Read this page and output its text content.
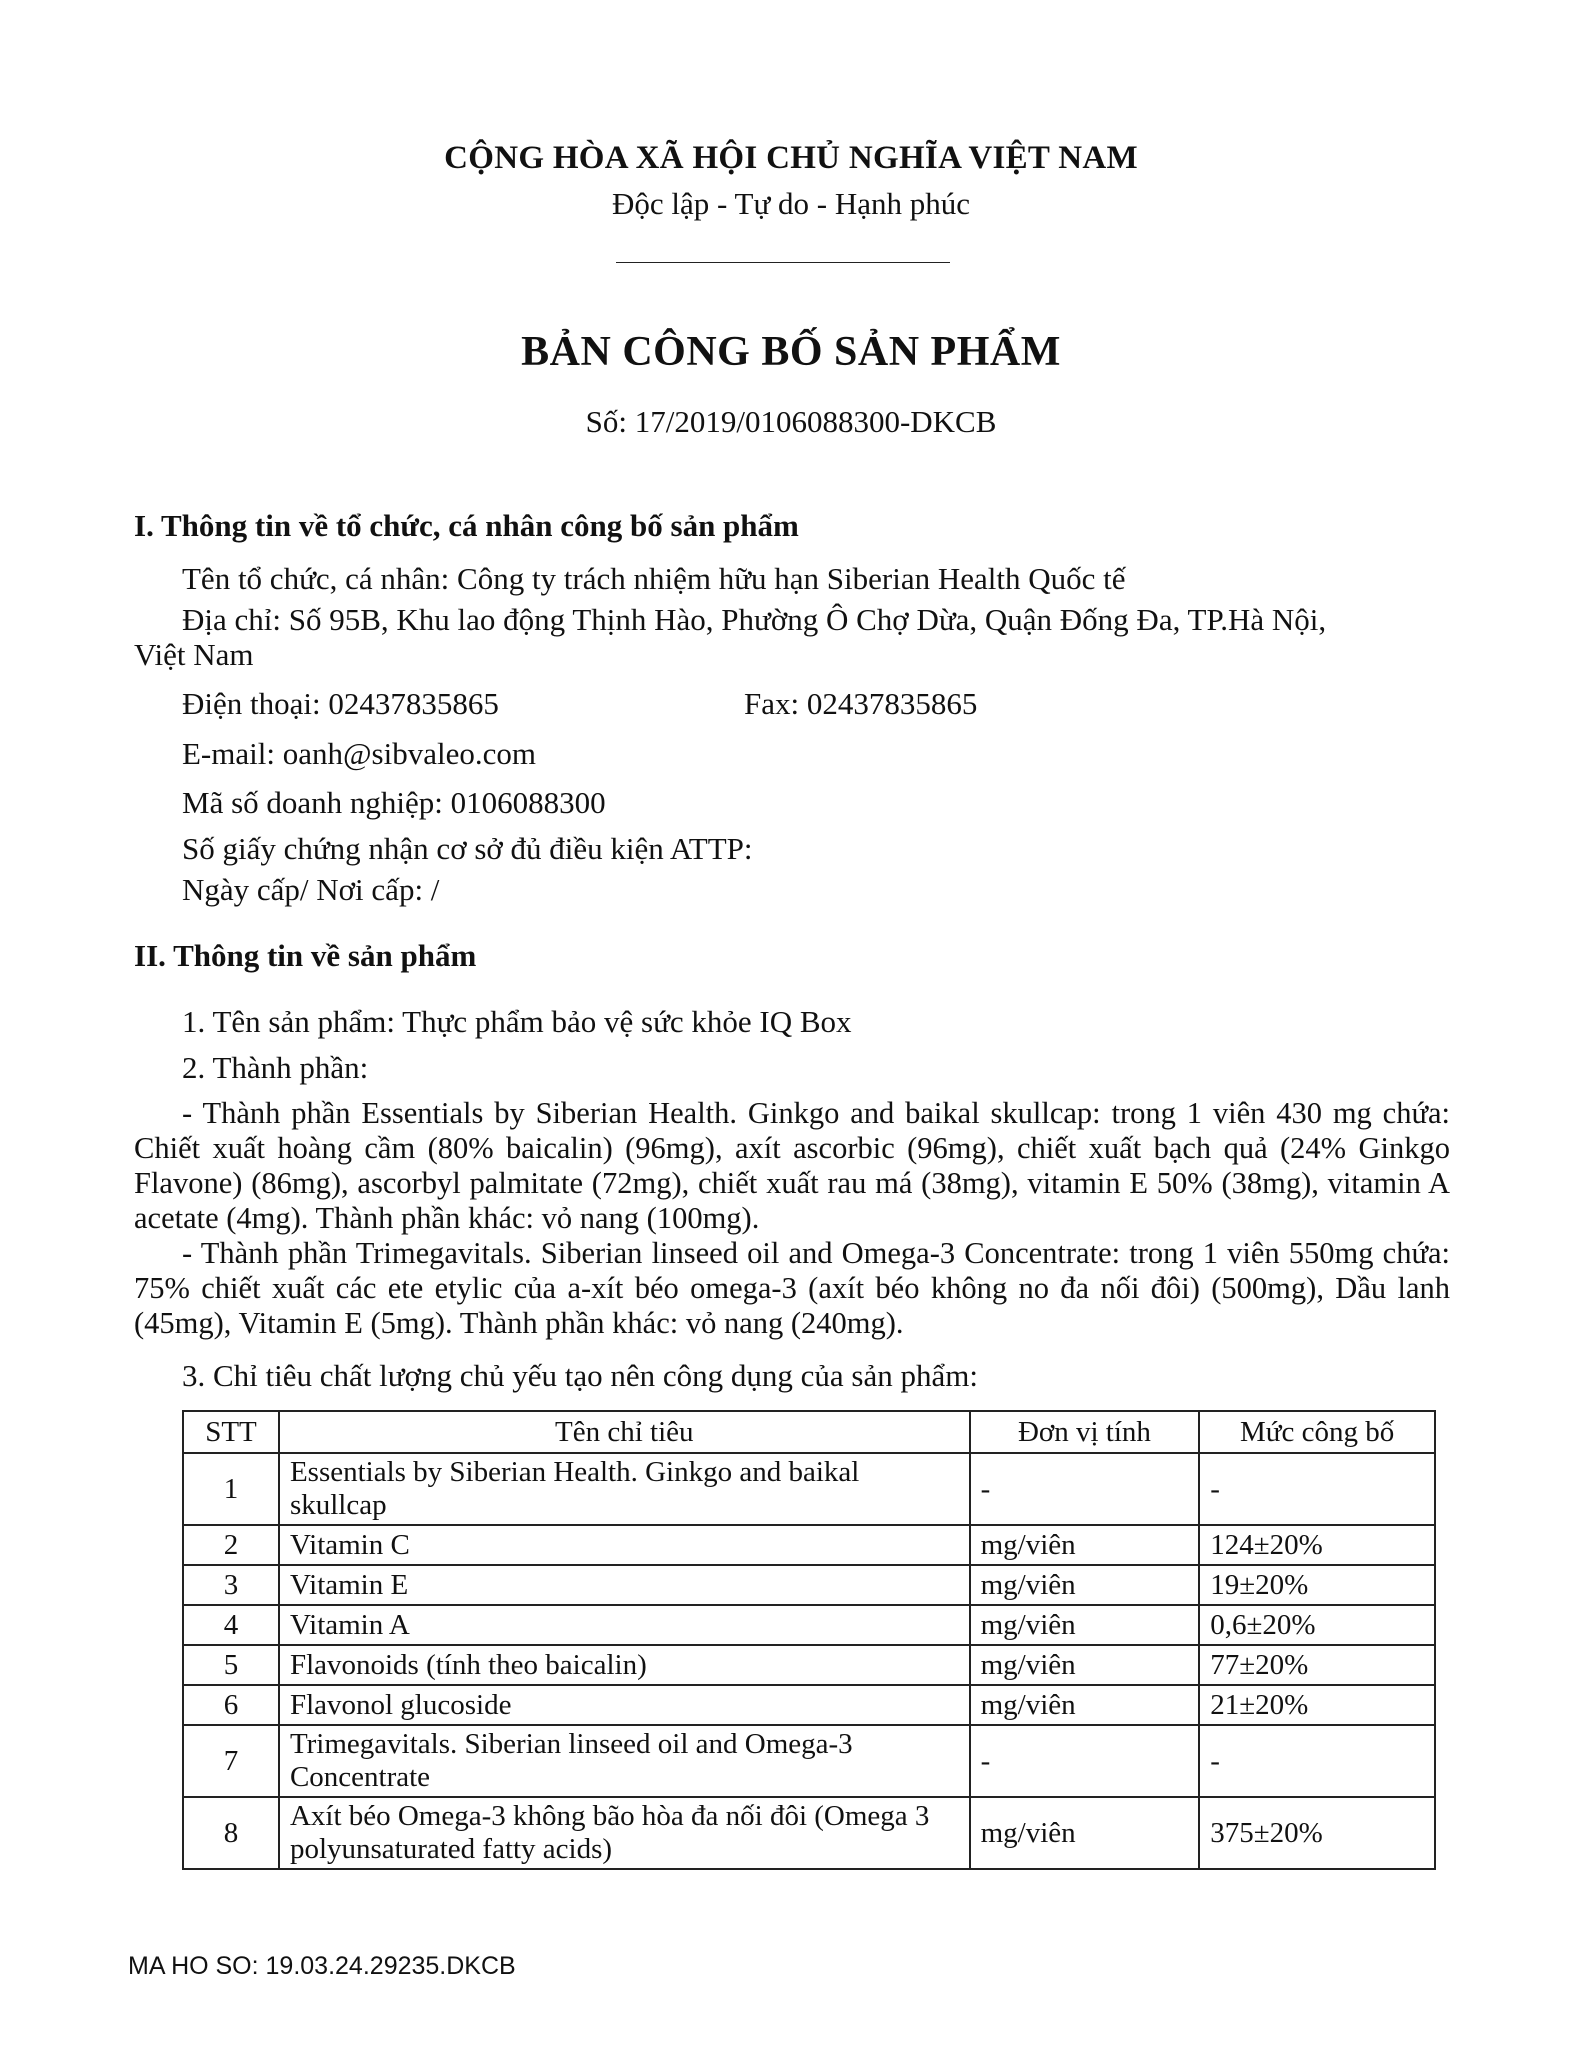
CỘNG HÒA XÃ HỘI CHỦ NGHĨA VIỆT NAM
Độc lập - Tự do - Hạnh phúc
BẢN CÔNG BỐ SẢN PHẨM
Số: 17/2019/0106088300-DKCB
I. Thông tin về tổ chức, cá nhân công bố sản phẩm
Tên tổ chức, cá nhân: Công ty trách nhiệm hữu hạn Siberian Health Quốc tế
Địa chỉ: Số 95B, Khu lao động Thịnh Hào, Phường Ô Chợ Dừa, Quận Đống Đa, TP.Hà Nội,
Việt Nam
Điện thoại: 02437835865	Fax: 02437835865
E-mail: oanh@sibvaleo.com
Mã số doanh nghiệp: 0106088300
Số giấy chứng nhận cơ sở đủ điều kiện ATTP:
Ngày cấp/ Nơi cấp: /
II. Thông tin về sản phẩm
1. Tên sản phẩm: Thực phẩm bảo vệ sức khỏe IQ Box
2. Thành phần:
- Thành phần Essentials by Siberian Health. Ginkgo and baikal skullcap: trong 1 viên 430 mg chứa: Chiết xuất hoàng cầm (80% baicalin) (96mg), axít ascorbic (96mg), chiết xuất bạch quả (24% Ginkgo Flavone) (86mg), ascorbyl palmitate (72mg), chiết xuất rau má (38mg), vitamin E 50% (38mg), vitamin A acetate (4mg). Thành phần khác: vỏ nang (100mg).
- Thành phần Trimegavitals. Siberian linseed oil and Omega-3 Concentrate: trong 1 viên 550mg chứa: 75% chiết xuất các ete etylic của a-xít béo omega-3 (axít béo không no đa nối đôi) (500mg), Dầu lanh (45mg), Vitamin E (5mg). Thành phần khác: vỏ nang (240mg).
3. Chỉ tiêu chất lượng chủ yếu tạo nên công dụng của sản phẩm:
STT	Tên chỉ tiêu	Đơn vị tính	Mức công bố
1	Essentials by Siberian Health. Ginkgo and baikal skullcap	-	-
2	Vitamin C	mg/viên	124±20%
3	Vitamin E	mg/viên	19±20%
4	Vitamin A	mg/viên	0,6±20%
5	Flavonoids (tính theo baicalin)	mg/viên	77±20%
6	Flavonol glucoside	mg/viên	21±20%
7	Trimegavitals. Siberian linseed oil and Omega-3 Concentrate	-	-
8	Axít béo Omega-3 không bão hòa đa nối đôi (Omega 3 polyunsaturated fatty acids)	mg/viên	375±20%
MA HO SO: 19.03.24.29235.DKCB
